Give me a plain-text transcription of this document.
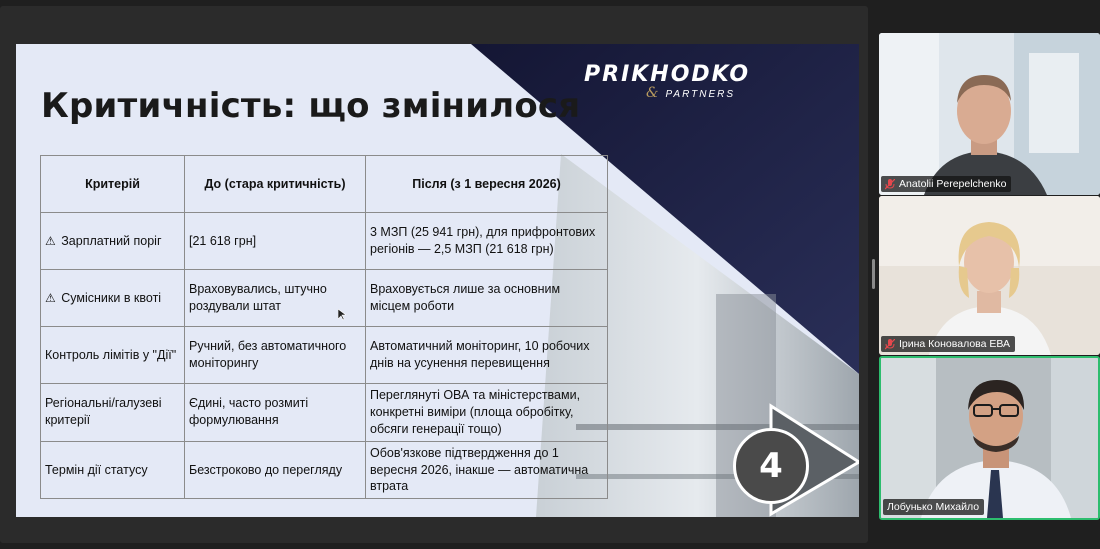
Критичність: що змінилося
PRIKHODKO
& PARTNERS
Критерій	До (стара критичність)	Після (з 1 вересня 2026)
⚠ Зарплатний поріг	[21 618 грн]	3 МЗП (25 941 грн), для прифронтових регіонів — 2,5 МЗП (21 618 грн)
⚠ Сумісники в квоті	Враховувались, штучно роздували штат	Враховується лише за основним місцем роботи
Контроль лімітів у "Дії"	Ручний, без автоматичного моніторингу	Автоматичний моніторинг, 10 робочих днів на усунення перевищення
Регіональні/галузеві критерії	Єдині, часто розмиті формулювання	Переглянуті ОВА та міністерствами, конкретні виміри (площа обробітку, обсяги генерації тощо)
Термін дії статусу	Безстроково до перегляду	Обов'язкове підтвердження до 1 вересня 2026, інакше — автоматична втрата
4
Anatolii Perepelchenko
Ірина Коновалова ЕВА
Лобунько Михайло
